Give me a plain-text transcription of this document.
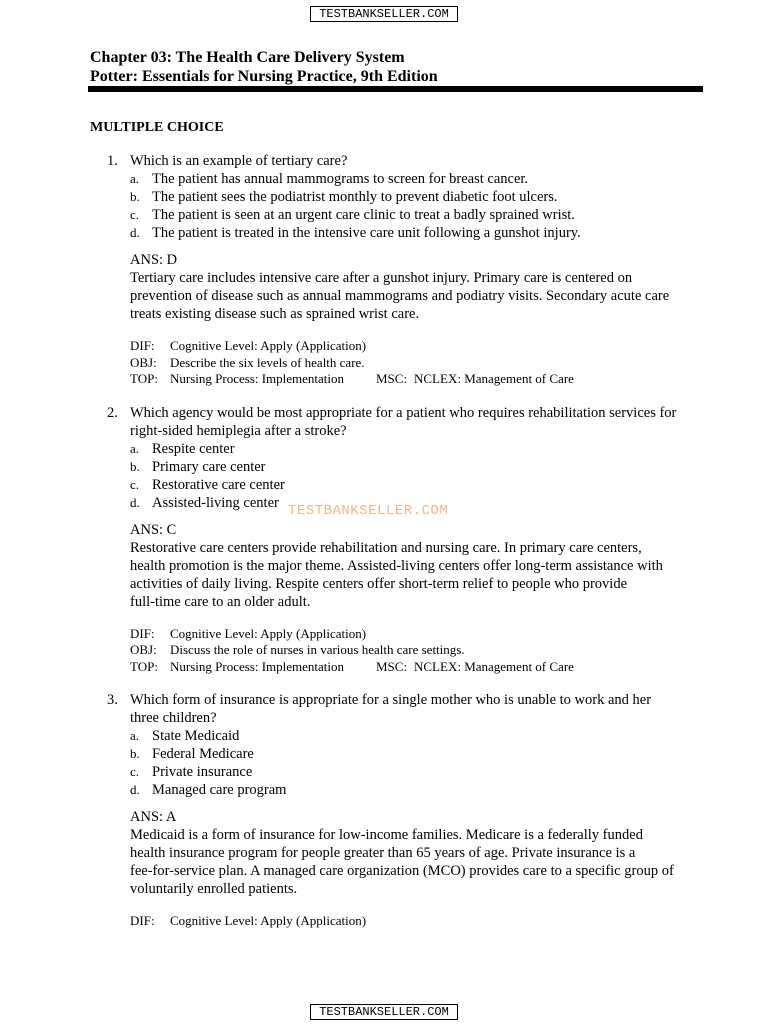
TESTBANKSELLER.COM
Chapter 03: The Health Care Delivery System
Potter: Essentials for Nursing Practice, 9th Edition
MULTIPLE CHOICE
1. Which is an example of tertiary care?
a. The patient has annual mammograms to screen for breast cancer.
b. The patient sees the podiatrist monthly to prevent diabetic foot ulcers.
c. The patient is seen at an urgent care clinic to treat a badly sprained wrist.
d. The patient is treated in the intensive care unit following a gunshot injury.
ANS: D
Tertiary care includes intensive care after a gunshot injury. Primary care is centered on
prevention of disease such as annual mammograms and podiatry visits. Secondary acute care
treats existing disease such as sprained wrist care.
DIF: Cognitive Level: Apply (Application)
OBJ: Describe the six levels of health care.
TOP: Nursing Process: Implementation MSC: NCLEX: Management of Care
2. Which agency would be most appropriate for a patient who requires rehabilitation services for
right-sided hemiplegia after a stroke?
a. Respite center
b. Primary care center
c. Restorative care center
d. Assisted-living center
ANS: C
Restorative care centers provide rehabilitation and nursing care. In primary care centers,
health promotion is the major theme. Assisted-living centers offer long-term assistance with
activities of daily living. Respite centers offer short-term relief to people who provide
full-time care to an older adult.
DIF: Cognitive Level: Apply (Application)
OBJ: Discuss the role of nurses in various health care settings.
TOP: Nursing Process: Implementation MSC: NCLEX: Management of Care
TESTBANKSELLER.COM
3. Which form of insurance is appropriate for a single mother who is unable to work and her
three children?
a. State Medicaid
b. Federal Medicare
c. Private insurance
d. Managed care program
ANS: A
Medicaid is a form of insurance for low-income families. Medicare is a federally funded
health insurance program for people greater than 65 years of age. Private insurance is a
fee-for-service plan. A managed care organization (MCO) provides care to a specific group of
voluntarily enrolled patients.
DIF: Cognitive Level: Apply (Application)
TESTBANKSELLER.COM
